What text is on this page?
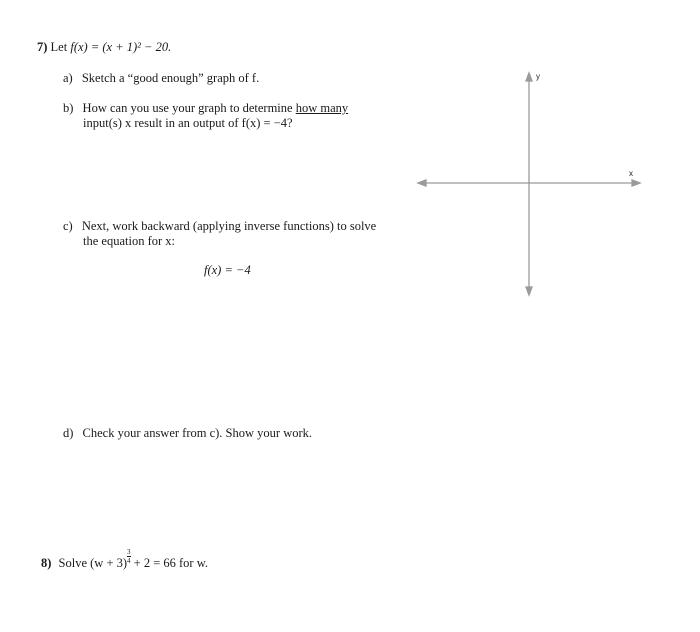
7) Let f(x) = (x + 1)² − 20.
a) Sketch a “good enough” graph of f.
b) How can you use your graph to determine how many
input(s) x result in an output of f(x) = −4?
c) Next, work backward (applying inverse functions) to solve
the equation for x:
f(x) = −4
d) Check your answer from c). Show your work.
8) Solve $(w + 3)\frac{3}{4} + 2 = 66$ for w.
y
x
